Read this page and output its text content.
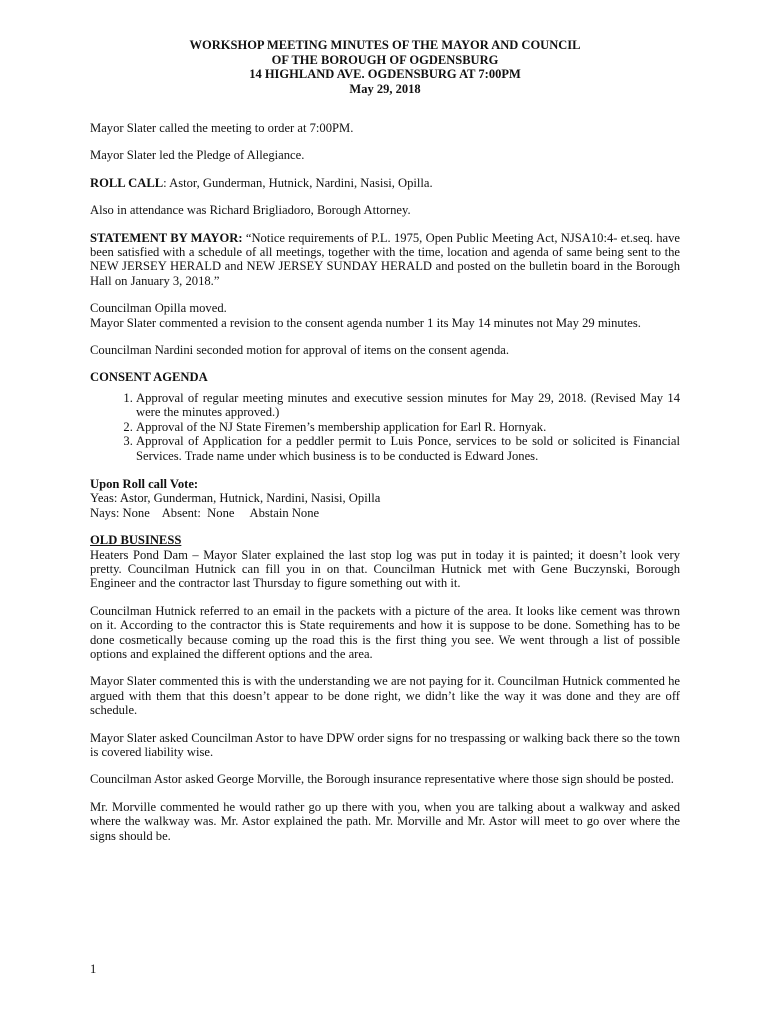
WORKSHOP MEETING MINUTES OF THE MAYOR AND COUNCIL
OF THE BOROUGH OF OGDENSBURG
14 HIGHLAND AVE. OGDENSBURG AT 7:00PM
May 29, 2018

Mayor Slater called the meeting to order at 7:00PM.

Mayor Slater led the Pledge of Allegiance.

ROLL CALL: Astor, Gunderman, Hutnick, Nardini, Nasisi, Opilla.

Also in attendance was Richard Brigliadoro, Borough Attorney.

STATEMENT BY MAYOR: “Notice requirements of P.L. 1975, Open Public Meeting Act, NJSA10:4- et.seq. have been satisfied with a schedule of all meetings, together with the time, location and agenda of same being sent to the NEW JERSEY HERALD and NEW JERSEY SUNDAY HERALD and posted on the bulletin board in the Borough Hall on January 3, 2018.”

Councilman Opilla moved.

Mayor Slater commented a revision to the consent agenda number 1 its May 14 minutes not May 29 minutes.

Councilman Nardini seconded motion for approval of items on the consent agenda.

CONSENT AGENDA

1. Approval of regular meeting minutes and executive session minutes for May 29, 2018. (Revised May 14 were the minutes approved.)
2. Approval of the NJ State Firemen’s membership application for Earl R. Hornyak.
3. Approval of Application for a peddler permit to Luis Ponce, services to be sold or solicited is Financial Services. Trade name under which business is to be conducted is Edward Jones.
Upon Roll call Vote:
Yeas: Astor, Gunderman, Hutnick, Nardini, Nasisi, Opilla
Nays: None    Absent:  None     Abstain None
OLD BUSINESS

Heaters Pond Dam – Mayor Slater explained the last stop log was put in today it is painted; it doesn’t look very pretty. Councilman Hutnick can fill you in on that. Councilman Hutnick met with Gene Buczynski, Borough Engineer and the contractor last Thursday to figure something out with it.

Councilman Hutnick referred to an email in the packets with a picture of the area. It looks like cement was thrown on it. According to the contractor this is State requirements and how it is suppose to be done. Something has to be done cosmetically because coming up the road this is the first thing you see. We went through a list of possible options and explained the different options and the area.

Mayor Slater commented this is with the understanding we are not paying for it. Councilman Hutnick commented he argued with them that this doesn’t appear to be done right, we didn’t like the way it was done and they are off schedule.

Mayor Slater asked Councilman Astor to have DPW order signs for no trespassing or walking back there so the town is covered liability wise.

Councilman Astor asked George Morville, the Borough insurance representative where those sign should be posted.

Mr. Morville commented he would rather go up there with you, when you are talking about a walkway and asked where the walkway was. Mr. Astor explained the path. Mr. Morville and Mr. Astor will meet to go over where the signs should be.

1
